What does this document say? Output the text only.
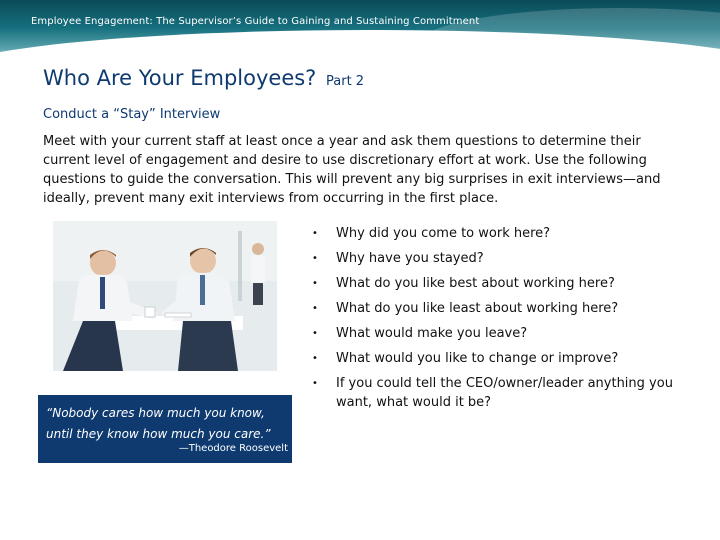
Employee Engagement: The Supervisor’s Guide to Gaining and Sustaining Commitment
Who Are Your Employees? Part 2
Conduct a “Stay” Interview
Meet with your current staff at least once a year and ask them questions to determine their current level of engagement and desire to use discretionary effort at work. Use the following questions to guide the conversation. This will prevent any big surprises in exit interviews—and ideally, prevent many exit interviews from occurring in the first place.
“Nobody cares how much you know, until they know how much you care.”
—Theodore Roosevelt
• Why did you come to work here?
• Why have you stayed?
• What do you like best about working here?
• What do you like least about working here?
• What would make you leave?
• What would you like to change or improve?
• If you could tell the CEO/owner/leader anything you want, what would it be?
